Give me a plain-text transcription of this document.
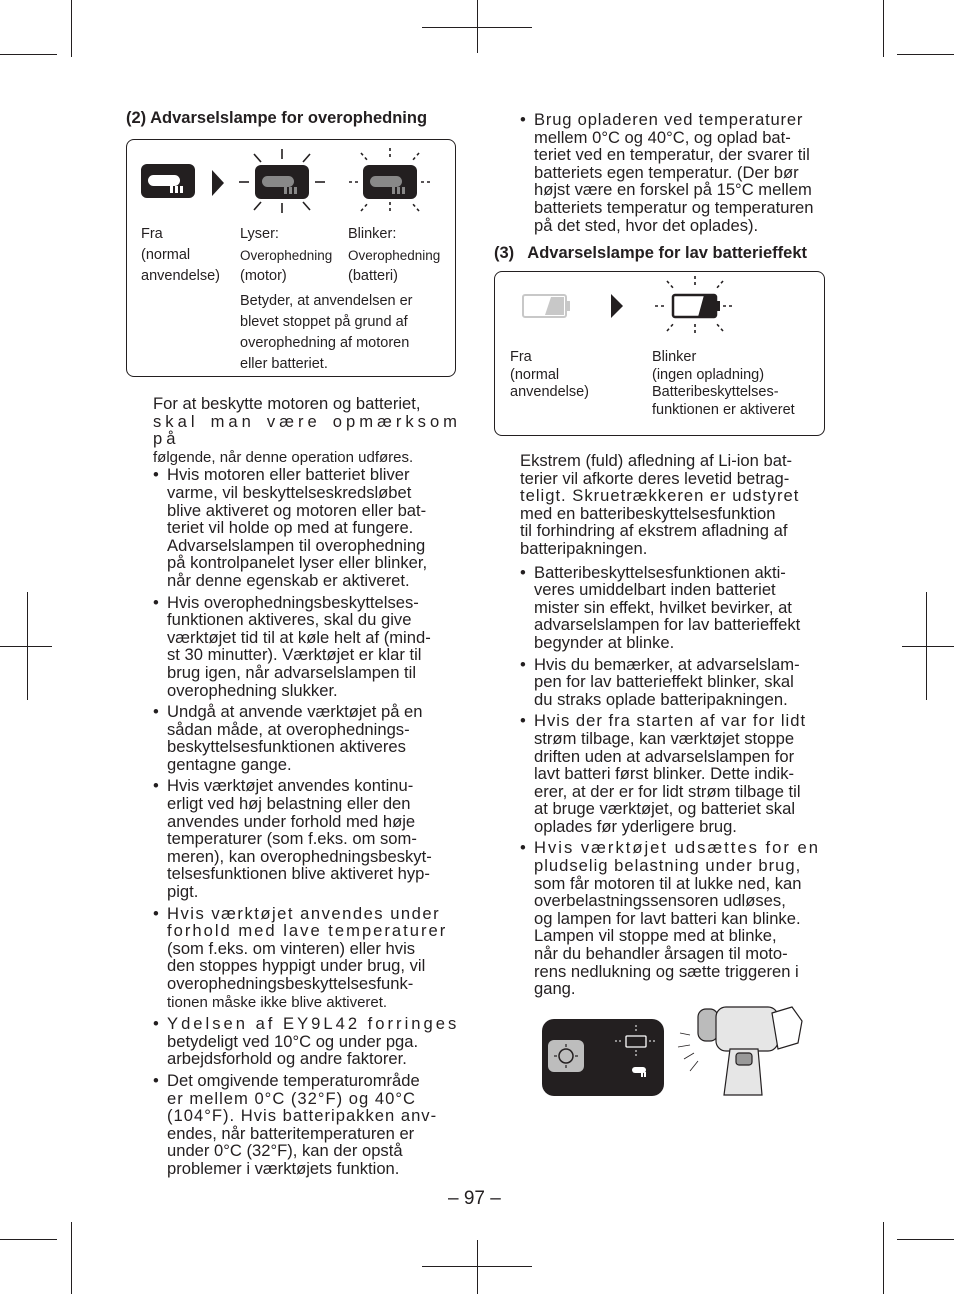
(2) Advarselslampe for overophedning
Fra
(normal
anvendelse)
Lyser:
Overophedning
(motor)
Blinker:
Overophedning
(batteri)
Betyder, at anvendelsen er
blevet stoppet på grund af
overophedning af motoren
eller batteriet.

For at beskytte motoren og batteriet,
skal man være opmærksom på
følgende, når denne operation udføres.

• Hvis motoren eller batteriet bliver
varme, vil beskyttelseskredsløbet
blive aktiveret og motoren eller bat-
teriet vil holde op med at fungere.
Advarselslampen til overophedning
på kontrolpanelet lyser eller blinker,
når denne egenskab er aktiveret.
• Hvis overophedningsbeskyttelses-
funktionen aktiveres, skal du give
værktøjet tid til at køle helt af (mind-
st 30 minutter). Værktøjet er klar til
brug igen, når advarselslampen til
overophedning slukker.
• Undgå at anvende værktøjet på en
sådan måde, at overophednings-
beskyttelsesfunktionen aktiveres
gentagne gange.
• Hvis værktøjet anvendes kontinu-
erligt ved høj belastning eller den
anvendes under forhold med høje
temperaturer (som f.eks. om som-
meren), kan overophedningsbeskyt-
telsesfunktionen blive aktiveret hyp-
pigt.
• Hvis værktøjet anvendes under
forhold med lave temperaturer
(som f.eks. om vinteren) eller hvis
den stoppes hyppigt under brug, vil
overophedningsbeskyttelsesfunk-
tionen måske ikke blive aktiveret.
• Ydelsen af EY9L42 forringes
betydeligt ved 10°C og under pga.
arbejdsforhold og andre faktorer.
• Det omgivende temperaturområde
er mellem 0°C (32°F) og 40°C
(104°F). Hvis batteripakken anv-
endes, når batteritemperaturen er
under 0°C (32°F), kan der opstå
problemer i værktøjets funktion.
• Brug opladeren ved temperaturer
mellem 0°C og 40°C, og oplad bat-
teriet ved en temperatur, der svarer til
batteriets egen temperatur. (Der bør
højst være en forskel på 15°C mellem
batteriets temperatur og temperaturen
på det sted, hvor det oplades).
(3)   Advarselslampe for lav batterieffekt
Fra
(normal
anvendelse)
Blinker
(ingen opladning)
Batteribeskyttelses-
funktionen er aktiveret

Ekstrem (fuld) afledning af Li-ion bat-
terier vil afkorte deres levetid betrag-
teligt. Skruetrækkeren er udstyret
med en batteribeskyttelsesfunktion
til forhindring af ekstrem afladning af
batteripakningen.

• Batteribeskyttelsesfunktionen akti-
veres umiddelbart inden batteriet
mister sin effekt, hvilket bevirker, at
advarselslampen for lav batterieffekt
begynder at blinke.
• Hvis du bemærker, at advarselslam-
pen for lav batterieffekt blinker, skal
du straks oplade batteripakningen.
• Hvis der fra starten af var for lidt
strøm tilbage, kan værktøjet stoppe
driften uden at advarselslampen for
lavt batteri først blinker. Dette indik-
erer, at der er for lidt strøm tilbage til
at bruge værktøjet, og batteriet skal
oplades før yderligere brug.
• Hvis værktøjet udsættes for en
pludselig belastning under brug,
som får motoren til at lukke ned, kan
overbelastningssensoren udløses,
og lampen for lavt batteri kan blinke.
Lampen vil stoppe med at blinke,
når du behandler årsagen til moto-
rens nedlukning og sætte triggeren i
gang.
– 97 –
